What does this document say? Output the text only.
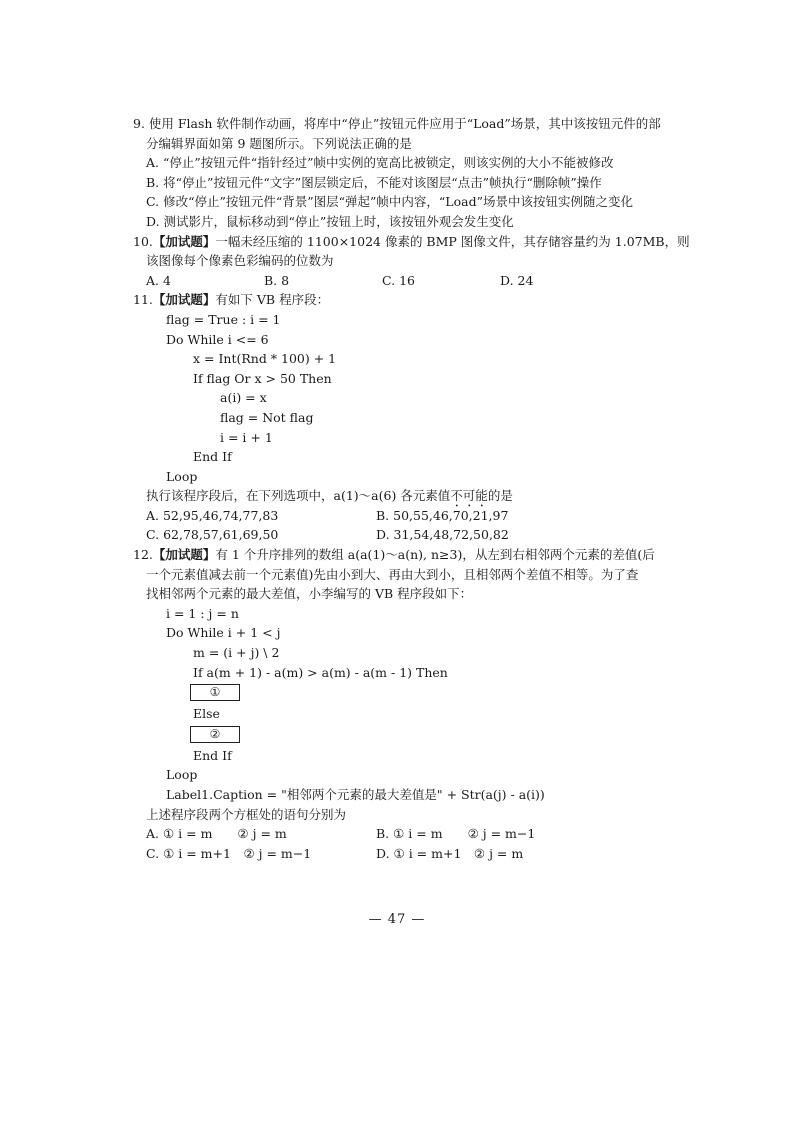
9. 使用 Flash 软件制作动画，将库中“停止”按钮元件应用于“Load”场景，其中该按钮元件的部
分编辑界面如第 9 题图所示。下列说法正确的是
A. “停止”按钮元件“指针经过”帧中实例的宽高比被锁定，则该实例的大小不能被修改
B. 将“停止”按钮元件“文字”图层锁定后，不能对该图层“点击”帧执行“删除帧”操作
C. 修改“停止”按钮元件“背景”图层“弹起”帧中内容，“Load”场景中该按钮实例随之变化
D. 测试影片，鼠标移动到“停止”按钮上时，该按钮外观会发生变化
10.【加试题】一幅未经压缩的 1100×1024 像素的 BMP 图像文件，其存储容量约为 1.07MB，则
该图像每个像素色彩编码的位数为
A. 4	B. 8	C. 16	D. 24
11.【加试题】有如下 VB 程序段：
flag = True : i = 1
Do While i <= 6
x = Int(Rnd * 100) + 1
If flag Or x > 50 Then
a(i) = x
flag = Not flag
i = i + 1
End If
Loop
执行该程序段后，在下列选项中，a(1)～a(6) 各元素值不可能的是
A. 52,95,46,74,77,83	B. 50,55,46,70,21,97
C. 62,78,57,61,69,50	D. 31,54,48,72,50,82
12.【加试题】有 1 个升序排列的数组 a(a(1)～a(n), n≥3)，从左到右相邻两个元素的差值(后
一个元素值减去前一个元素值)先由小到大、再由大到小，且相邻两个差值不相等。为了查
找相邻两个元素的最大差值，小李编写的 VB 程序段如下：
i = 1 : j = n
Do While i + 1 < j
m = (i + j) \ 2
If a(m + 1) - a(m) > a(m) - a(m - 1) Then
①
Else
②
End If
Loop
Label1.Caption = "相邻两个元素的最大差值是" + Str(a(j) - a(i))
上述程序段两个方框处的语句分别为
A. ① i = m　　② j = m	B. ① i = m　　② j = m−1
C. ① i = m+1　② j = m−1	D. ① i = m+1　② j = m
— 47 —
